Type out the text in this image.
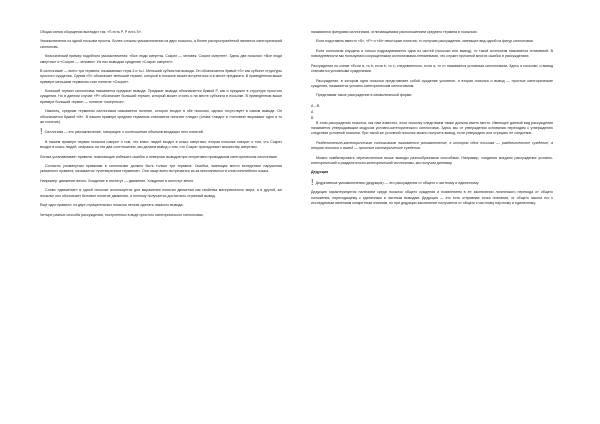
Общая схема сборщения выглядит так: «S есть P, P есть S».

Умозаключения из одной посылки просты. Более сложны умозаключения из двух посылок, а более распространённой является категорический силлогизм.

Классический пример подобного умозаключения: «Все люди смертны. Сократ — человек. Сократ смертен». Здесь две посылки: «Все люди смертны» и «Сократ — человек». Из них выводим суждение «Сократ смертен».

В силлогизме — всего три термина, называемых терм-3 и тo-l. Меньший субъектом вывода. Он обозначается буквой «S» как субъект структуры простого суждения. Одним «S» обозначает меньший термин, который в посылке может встретиться и в месте предиката. В приведённом выше примере меньшим термином стал понятие «Сократ».

Больший термин силлогизма называется предикат вывода. Предикат вывода обозначается буквой P, как и предикат в структуре простого суждения. Но в данном случае «P» обозначает больший термин, который может стоять и на месте субъекта в посылке. В приведённом выше примере больший термин — понятие «смертные».

Наконец, средним термином силлогизма называется понятие, которое входит в обе посылки, однако отсутствует в самом выводе. Он обозначается буквой «M». В нашем примере средним термином становится понятие «люди» (слова «люди» и «человек» выражают одно и то же понятие).

! Силлогизм — это умозаключение, говорящее о соотношении объемов входящих него понятий.

В нашем примере первая посылка говорит о том, что класс людей входит в класс смертных; вторая посылка говорит о том, что Сократ входит в класс людей, опираясь на эти два соотношения, мы делаем вывод о том, что Сократ принадлежит множеству смертных.

Логика устанавливает правила, помогающие избежать ошибок и неверных выводов при интуитивно проводимом категорическом силлогизме.

Согласно упомянутым правилам в силлогизме должно быть только три термина. Ошибка, имеющая место вследствие нарушения указанного правила, называется «учетверением терминов». Она чаще всего встречается из-за многозначности слов понятийного языка.

Например: движение вечно. Хождение в институт — движение. Хождение в институт вечно.

Слово «движение» в одной посылке используется для выражения понятия движения как свойства материального мира, а в другой, же посылке оно обозначает бытовое понятие движения, и поэтому получается достаточно странный вывод.

Ещё одно правило: из двух отрицательных посылок нельзя сделать никакого вывода.

Четыре разных способа рассуждения, построенных в виде простого категорического силлогизма,

называются фигурами силлогизма, отличающимися расположением среднего термина в посылках.

Если подставить вместо «S», «P» и «M» некоторые понятия, то получим рассуждение, имеющее вид одной из фигур силлогизма.

Если силлогизм опущена и только подразумевается одна из частей (посылки или вывод), то такой силлогизм называется энтимемой. В повседневности мы пользуемся сокращенными силлогизмами-энтимемами, что служит причиной многих ошибок в рассуждениях.

Рассуждение по схеме «Если a, то b; если b, то c; следовательно, если a, то c» называется условным силлогизмом. Здесь и посылки, и вывод становятся условными суждениями.

Рассуждение, в котором одна посылка представляет собой суждение условное, а вторая посылка и вывод — простые категорические суждения, называется условно-категорическим силлогизмом.

Представим такое рассуждение в символической форме:

A→B

A

B

В этом рассуждении посылка, как нам известно, если посылку следствием также должна иметь место. Имеющее данный вид рассуждения называется утверждающим модусом условно-категорического силлогизма. Здесь мы от утверждения основания переходим к утверждению следствия условной посылки. При такой же условной посылке можно получить вывод, если утверждать или отрицать ее следствие.

Разделительно-категорическим силлогизмом называется умозаключение, в котором одна посылка — разделительное суждение, а вторая посылка и вывод — простые категорические суждения.

Можно комбинировать перечисленные выше выводы разнообразными способами. Например, соединяя воедино рассуждения условно-категорический и разделительно-категорический силлогизмы, мы получим дилемму.

Дедукция

! Дедуктивные умозаключения (дедукция) — это рассуждения от общего к частному и единичному.

Дедукция характеризуется наличием среди посылок общего суждения и появлением в ее заключении логического перехода от общего положения, переходящему к единичным и частным выводам. Дедукция — это есть отправная точка познания, от общего закона его к исследуемым явлениям конкретным знаниям, но при дедукции заключение получается от общего к частному научному и единичному.
